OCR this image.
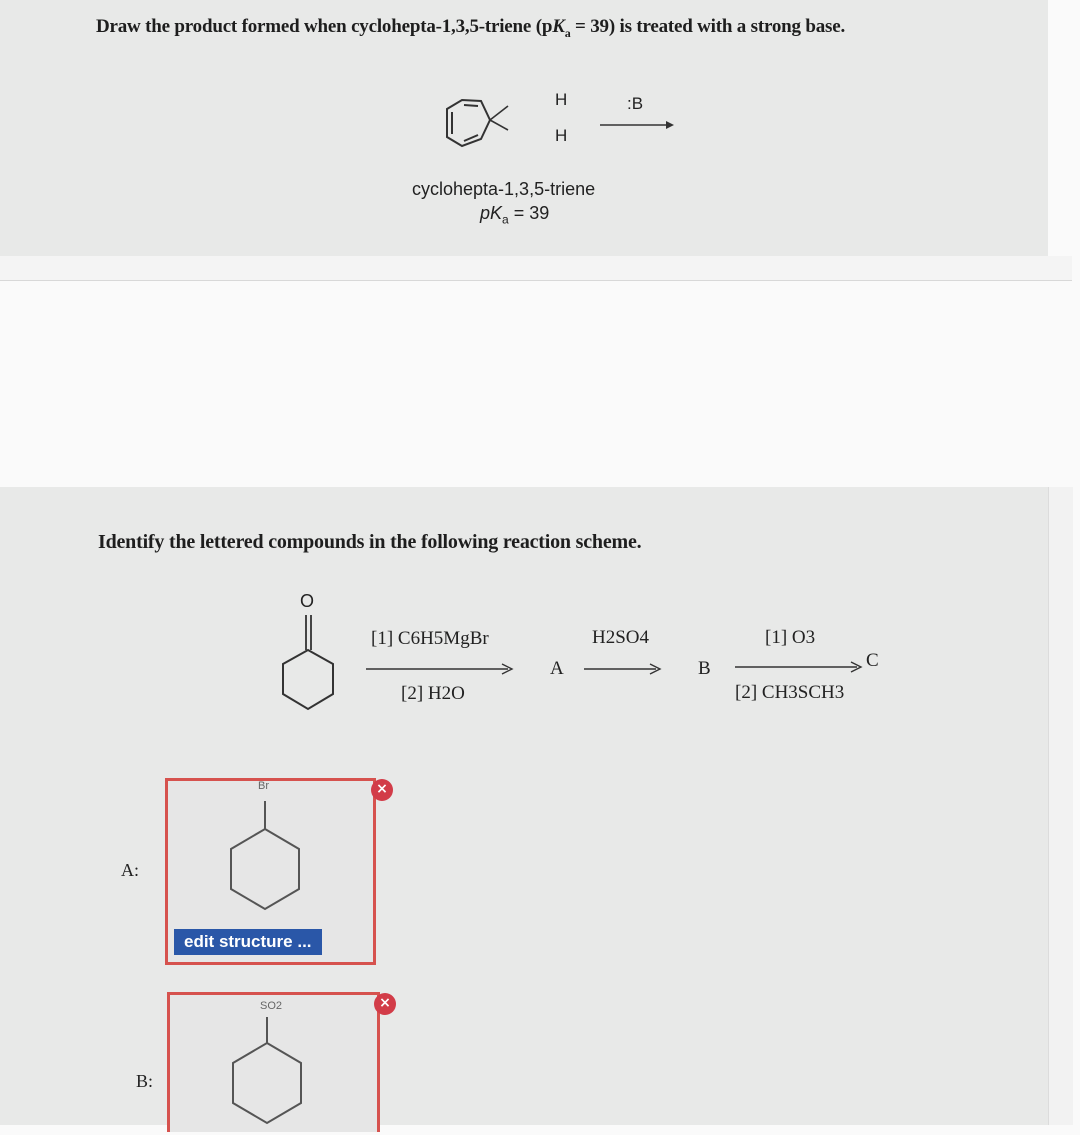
Draw the product formed when cyclohepta-1,3,5-triene $(pK_a = 39)$ is treated with a strong base.
H
H
:B
cyclohepta-1,3,5-triene
$pK_a = 39$
Identify the lettered compounds in the following reaction scheme.
O
[1] C6H5MgBr
[2] H2O
A
H2SO4
B
[1] O3
[2] CH3SCH3
C
A:
Br
edit structure ...
×
B:
SO2	×
